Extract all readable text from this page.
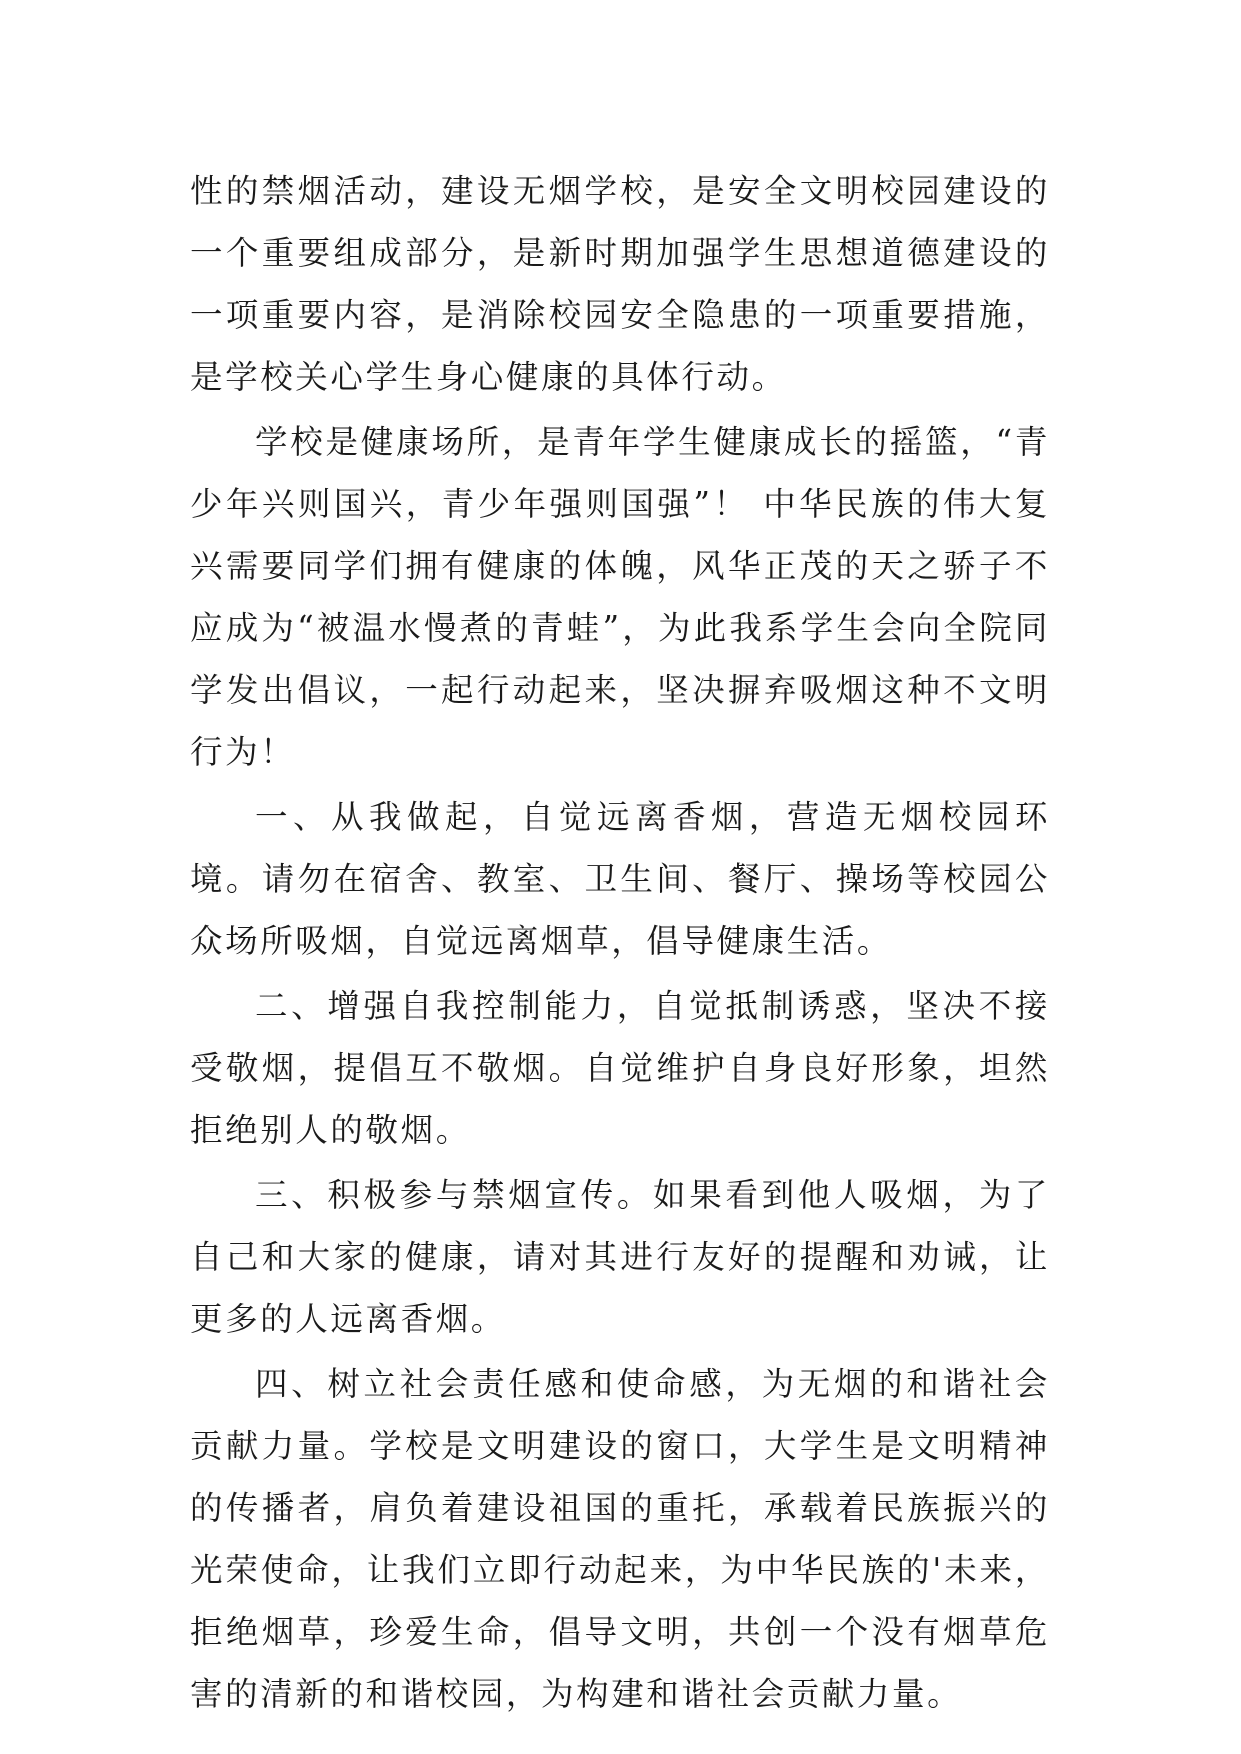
性的禁烟活动，建设无烟学校，是安全文明校园建设的一个重要组成部分，是新时期加强学生思想道德建设的一项重要内容，是消除校园安全隐患的一项重要措施，是学校关心学生身心健康的具体行动。

学校是健康场所，是青年学生健康成长的摇篮，“青少年兴则国兴，青少年强则国强”！ 中华民族的伟大复兴需要同学们拥有健康的体魄，风华正茂的天之骄子不应成为“被温水慢煮的青蛙”，为此我系学生会向全院同学发出倡议，一起行动起来，坚决摒弃吸烟这种不文明行为！

一、从我做起，自觉远离香烟，营造无烟校园环境。请勿在宿舍、教室、卫生间、餐厅、操场等校园公众场所吸烟，自觉远离烟草，倡导健康生活。

二、增强自我控制能力，自觉抵制诱惑，坚决不接受敬烟，提倡互不敬烟。自觉维护自身良好形象，坦然拒绝别人的敬烟。

三、积极参与禁烟宣传。如果看到他人吸烟，为了自己和大家的健康，请对其进行友好的提醒和劝诫，让更多的人远离香烟。

四、树立社会责任感和使命感，为无烟的和谐社会贡献力量。学校是文明建设的窗口，大学生是文明精神的传播者，肩负着建设祖国的重托，承载着民族振兴的光荣使命，让我们立即行动起来，为中华民族的'未来，拒绝烟草，珍爱生命，倡导文明，共创一个没有烟草危害的清新的和谐校园，为构建和谐社会贡献力量。
